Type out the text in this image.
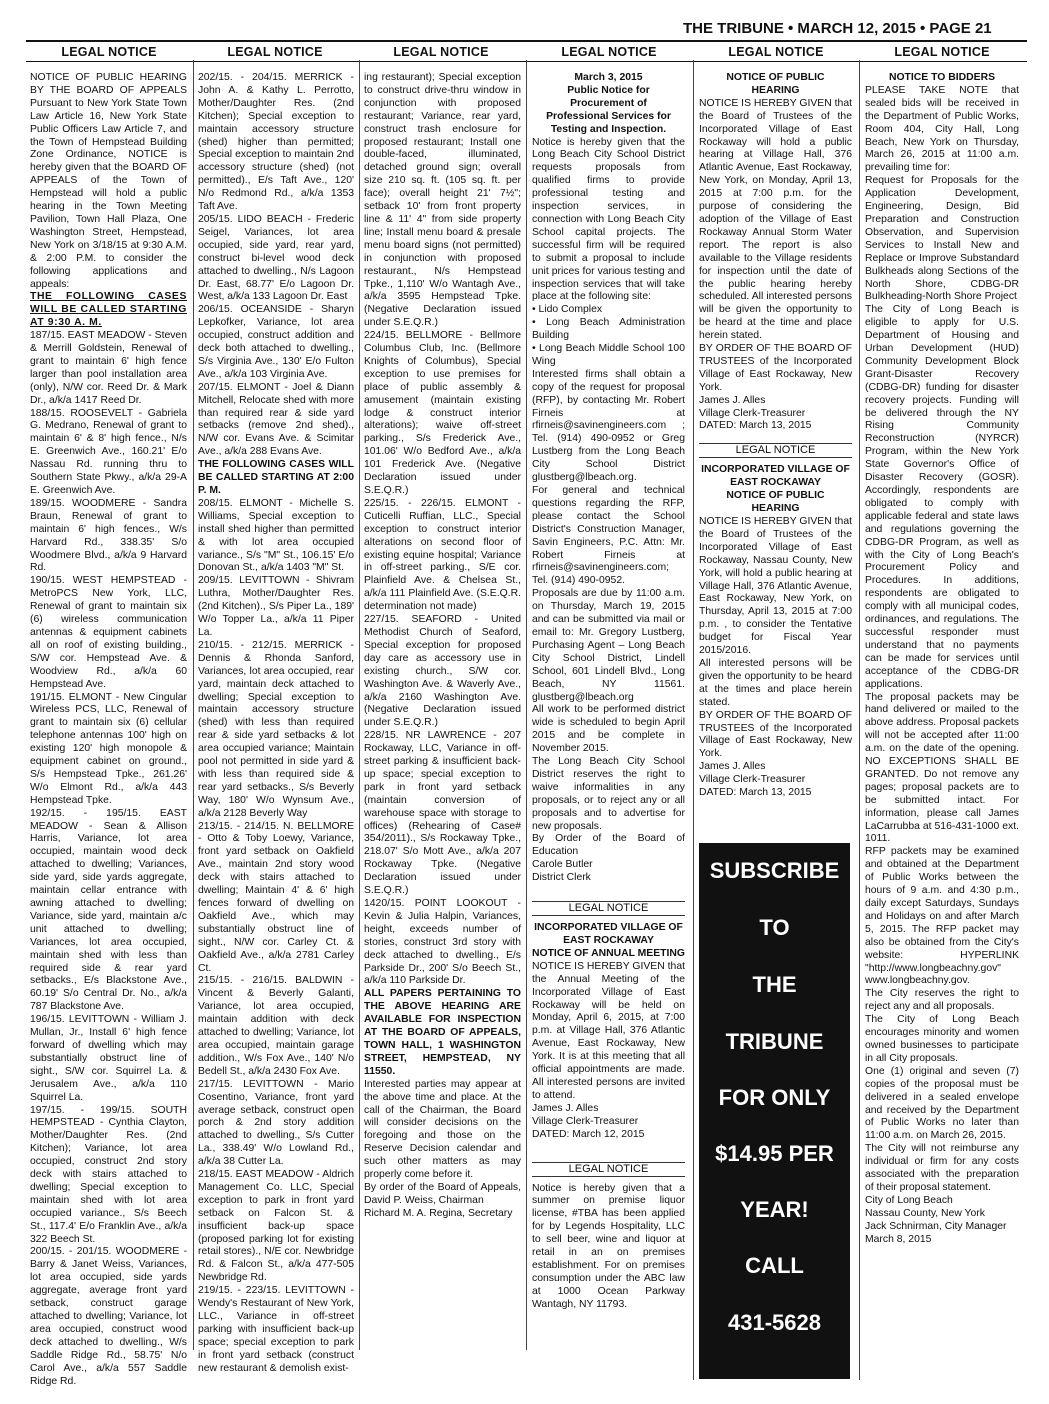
THE TRIBUNE • MARCH 12, 2015 • PAGE 21
LEGAL NOTICE	LEGAL NOTICE	LEGAL NOTICE	LEGAL NOTICE	LEGAL NOTICE	LEGAL NOTICE

NOTICE OF PUBLIC HEARING BY THE BOARD OF APPEALS Pursuant to New York State Town Law Article 16, New York State Public Officers Law Article 7, and the Town of Hempstead Building Zone Ordinance, NOTICE is hereby given that the BOARD OF APPEALS of the Town of Hempstead will hold a public hearing in the Town Meeting Pavilion, Town Hall Plaza, One Washington Street, Hempstead, New York on 3/18/15 at 9:30 A.M. & 2:00 P.M. to consider the following applications and appeals:

THE FOLLOWING CASES WILL BE CALLED STARTING AT 9:30 A. M.

187/15. EAST MEADOW - Steven & Merrill Goldstein, Renewal of grant to maintain 6' high fence larger than pool installation area (only), N/W cor. Reed Dr. & Mark Dr., a/k/a 1417 Reed Dr.

188/15. ROOSEVELT - Gabriela G. Medrano, Renewal of grant to maintain 6' & 8' high fence., N/s E. Greenwich Ave., 160.21' E/o Nassau Rd. running thru to Southern State Pkwy., a/k/a 29-A E. Greenwich Ave.

189/15. WOODMERE - Sandra Braun, Renewal of grant to maintain 6' high fences., W/s Harvard Rd., 338.35' S/o Woodmere Blvd., a/k/a 9 Harvard Rd.

190/15. WEST HEMPSTEAD - MetroPCS New York, LLC, Renewal of grant to maintain six (6) wireless communication antennas & equipment cabinets all on roof of existing building., S/W cor. Hempstead Ave. & Woodview Rd., a/k/a 60 Hempstead Ave.

191/15. ELMONT - New Cingular Wireless PCS, LLC, Renewal of grant to maintain six (6) cellular telephone antennas 100' high on existing 120' high monopole & equipment cabinet on ground., S/s Hempstead Tpke., 261.26' W/o Elmont Rd., a/k/a 443 Hempstead Tpke.

192/15. - 195/15. EAST MEADOW - Sean & Allison Harris, Variance, lot area occupied, maintain wood deck attached to dwelling; Variances, side yard, side yards aggregate, maintain cellar entrance with awning attached to dwelling; Variance, side yard, maintain a/c unit attached to dwelling; Variances, lot area occupied, maintain shed with less than required side & rear yard setbacks., E/s Blackstone Ave., 60.19' S/o Central Dr. No., a/k/a 787 Blackstone Ave.

196/15. LEVITTOWN - William J. Mullan, Jr., Install 6' high fence forward of dwelling which may substantially obstruct line of sight., S/W cor. Squirrel La. & Jerusalem Ave., a/k/a 110 Squirrel La.

197/15. - 199/15. SOUTH HEMPSTEAD - Cynthia Clayton, Mother/Daughter Res. (2nd Kitchen); Variance, lot area occupied, construct 2nd story deck with stairs attached to dwelling; Special exception to maintain shed with lot area occupied variance., S/s Beech St., 117.4' E/o Franklin Ave., a/k/a 322 Beech St.

200/15. - 201/15. WOODMERE - Barry & Janet Weiss, Variances, lot area occupied, side yards aggregate, average front yard setback, construct garage attached to dwelling; Variance, lot area occupied, construct wood deck attached to dwelling., W/s Saddle Ridge Rd., 58.75' N/o Carol Ave., a/k/a 557 Saddle Ridge Rd.

202/15. - 204/15. MERRICK - John A. & Kathy L. Perrotto, Mother/Daughter Res. (2nd Kitchen); Special exception to maintain accessory structure (shed) higher than permitted; Special exception to maintain 2nd accessory structure (shed) (not permitted)., E/s Taft Ave., 120' N/o Redmond Rd., a/k/a 1353 Taft Ave.

205/15. LIDO BEACH - Frederic Seigel, Variances, lot area occupied, side yard, rear yard, construct bi-level wood deck attached to dwelling., N/s Lagoon Dr. East, 68.77' E/o Lagoon Dr. West, a/k/a 133 Lagoon Dr. East

206/15. OCEANSIDE - Sharyn Lepkofker, Variance, lot area occupied, construct addition and deck both attached to dwelling., S/s Virginia Ave., 130' E/o Fulton Ave., a/k/a 103 Virginia Ave.

207/15. ELMONT - Joel & Diann Mitchell, Relocate shed with more than required rear & side yard setbacks (remove 2nd shed)., N/W cor. Evans Ave. & Scimitar Ave., a/k/a 288 Evans Ave.

THE FOLLOWING CASES WILL BE CALLED STARTING AT 2:00 P. M.

208/15. ELMONT - Michelle S. Williams, Special exception to install shed higher than permitted & with lot area occupied variance., S/s "M" St., 106.15' E/o Donovan St., a/k/a 1403 "M" St.

209/15. LEVITTOWN - Shivram Luthra, Mother/Daughter Res. (2nd Kitchen)., S/s Piper La., 189' W/o Topper La., a/k/a 11 Piper La.

210/15. - 212/15. MERRICK - Dennis & Rhonda Sanford, Variances, lot area occupied, rear yard, maintain deck attached to dwelling; Special exception to maintain accessory structure (shed) with less than required rear & side yard setbacks & lot area occupied variance; Maintain pool not permitted in side yard & with less than required side & rear yard setbacks., S/s Beverly Way, 180' W/o Wynsum Ave., a/k/a 2128 Beverly Way

213/15. - 214/15. N. BELLMORE - Otto & Toby Loewy, Variance, front yard setback on Oakfield Ave., maintain 2nd story wood deck with stairs attached to dwelling; Maintain 4' & 6' high fences forward of dwelling on Oakfield Ave., which may substantially obstruct line of sight., N/W cor. Carley Ct. & Oakfield Ave., a/k/a 2781 Carley Ct.

215/15. - 216/15. BALDWIN - Vincent & Beverly Galanti, Variance, lot area occupied, maintain addition with deck attached to dwelling; Variance, lot area occupied, maintain garage addition., W/s Fox Ave., 140' N/o Bedell St., a/k/a 2430 Fox Ave.

217/15. LEVITTOWN - Mario Cosentino, Variance, front yard average setback, construct open porch & 2nd story addition attached to dwelling., S/s Cutter La., 338.49' W/o Lowland Rd., a/k/a 38 Cutter La.

218/15. EAST MEADOW - Aldrich Management Co. LLC, Special exception to park in front yard setback on Falcon St. & insufficient back-up space (proposed parking lot for existing retail stores)., N/E cor. Newbridge Rd. & Falcon St., a/k/a 477-505 Newbridge Rd.

219/15. - 223/15. LEVITTOWN - Wendy's Restaurant of New York, LLC., Variance in off-street parking with insufficient back-up space; special exception to park in front yard setback (construct new restaurant & demolish exist-

ing restaurant); Special exception to construct drive-thru window in conjunction with proposed restaurant; Variance, rear yard, construct trash enclosure for proposed restaurant; Install one double-faced, illuminated, detached ground sign; overall size 210 sq. ft. (105 sq. ft. per face); overall height 21' 7½"; setback 10' from front property line & 11' 4" from side property line; Install menu board & presale menu board signs (not permitted) in conjunction with proposed restaurant., N/s Hempstead Tpke., 1,110' W/o Wantagh Ave., a/k/a 3595 Hempstead Tpke. (Negative Declaration issued under S.E.Q.R.)

224/15. BELLMORE - Bellmore Columbus Club, Inc. (Bellmore Knights of Columbus), Special exception to use premises for place of public assembly & amusement (maintain existing lodge & construct interior alterations); waive off-street parking., S/s Frederick Ave., 101.06' W/o Bedford Ave., a/k/a 101 Frederick Ave. (Negative Declaration issued under S.E.Q.R.)

225/15. - 226/15. ELMONT - Cuticelli Ruffian, LLC., Special exception to construct interior alterations on second floor of existing equine hospital; Variance in off-street parking., S/E cor. Plainfield Ave. & Chelsea St., a/k/a 111 Plainfield Ave. (S.E.Q.R. determination not made)

227/15. SEAFORD - United Methodist Church of Seaford, Special exception for proposed day care as accessory use in existing church., S/W cor. Washington Ave. & Waverly Ave., a/k/a 2160 Washington Ave. (Negative Declaration issued under S.E.Q.R.)

228/15. NR LAWRENCE - 207 Rockaway, LLC, Variance in off-street parking & insufficient back-up space; special exception to park in front yard setback (maintain conversion of warehouse space with storage to offices) (Rehearing of Case# 354/2011)., S/s Rockaway Tpke., 218.07' S/o Mott Ave., a/k/a 207 Rockaway Tpke. (Negative Declaration issued under S.E.Q.R.)

1420/15. POINT LOOKOUT - Kevin & Julia Halpin, Variances, height, exceeds number of stories, construct 3rd story with deck attached to dwelling., E/s Parkside Dr., 200' S/o Beech St., a/k/a 110 Parkside Dr.

ALL PAPERS PERTAINING TO THE ABOVE HEARING ARE AVAILABLE FOR INSPECTION AT THE BOARD OF APPEALS, TOWN HALL, 1 WASHINGTON STREET, HEMPSTEAD, NY 11550.

Interested parties may appear at the above time and place. At the call of the Chairman, the Board will consider decisions on the foregoing and those on the Reserve Decision calendar and such other matters as may properly come before it.

By order of the Board of Appeals, David P. Weiss, Chairman

Richard M. A. Regina, Secretary

March 3, 2015

Public Notice for Procurement of Professional Services for Testing and Inspection.

Notice is hereby given that the Long Beach City School District requests proposals from qualified firms to provide professional testing and inspection services, in connection with Long Beach City School capital projects. The successful firm will be required to submit a proposal to include unit prices for various testing and inspection services that will take place at the following site:

• Lido Complex

• Long Beach Administration Building

• Long Beach Middle School 100 Wing

Interested firms shall obtain a copy of the request for proposal (RFP), by contacting Mr. Robert Firneis at rfirneis@savinengineers.com ; Tel. (914) 490-0952 or Greg Lustberg from the Long Beach City School District glustberg@lbeach.org.

For general and technical questions regarding the RFP, please contact the School District's Construction Manager, Savin Engineers, P.C. Attn: Mr. Robert Firneis at rfirneis@savinengineers.com; Tel. (914) 490-0952.

Proposals are due by 11:00 a.m. on Thursday, March 19, 2015 and can be submitted via mail or email to: Mr. Gregory Lustberg, Purchasing Agent – Long Beach City School District, Lindell School, 601 Lindell Blvd., Long Beach, NY 11561. glustberg@lbeach.org

All work to be performed district wide is scheduled to begin April 2015 and be complete in November 2015.

The Long Beach City School District reserves the right to waive informalities in any proposals, or to reject any or all proposals and to advertise for new proposals.

By Order of the Board of Education

Carole Butler

District Clerk

LEGAL NOTICE

INCORPORATED VILLAGE OF EAST ROCKAWAY

NOTICE OF ANNUAL MEETING

NOTICE IS HEREBY GIVEN that the Annual Meeting of the Incorporated Village of East Rockaway will be held on Monday, April 6, 2015, at 7:00 p.m. at Village Hall, 376 Atlantic Avenue, East Rockaway, New York. It is at this meeting that all official appointments are made. All interested persons are invited to attend.

James J. Alles

Village Clerk-Treasurer

DATED: March 12, 2015

LEGAL NOTICE

Notice is hereby given that a summer on premise liquor license, #TBA has been applied for by Legends Hospitality, LLC to sell beer, wine and liquor at retail in an on premises establishment. For on premises consumption under the ABC law at 1000 Ocean Parkway Wantagh, NY 11793.

NOTICE OF PUBLIC HEARING

NOTICE IS HEREBY GIVEN that the Board of Trustees of the Incorporated Village of East Rockaway will hold a public hearing at Village Hall, 376 Atlantic Avenue, East Rockaway, New York, on Monday, April 13, 2015 at 7:00 p.m. for the purpose of considering the adoption of the Village of East Rockaway Annual Storm Water report. The report is also available to the Village residents for inspection until the date of the public hearing hereby scheduled. All interested persons will be given the opportunity to be heard at the time and place herein stated.

BY ORDER OF THE BOARD OF TRUSTEES of the Incorporated Village of East Rockaway, New York.

James J. Alles

Village Clerk-Treasurer

DATED: March 13, 2015

LEGAL NOTICE

INCORPORATED VILLAGE OF EAST ROCKAWAY

NOTICE OF PUBLIC HEARING

NOTICE IS HEREBY GIVEN that the Board of Trustees of the Incorporated Village of East Rockaway, Nassau County, New York, will hold a public hearing at Village Hall, 376 Atlantic Avenue, East Rockaway, New York, on Thursday, April 13, 2015 at 7:00 p.m. , to consider the Tentative budget for Fiscal Year 2015/2016.

All interested persons will be given the opportunity to be heard at the times and place herein stated.

BY ORDER OF THE BOARD OF TRUSTEES of the Incorporated Village of East Rockaway, New York.

James J. Alles

Village Clerk-Treasurer

DATED: March 13, 2015

SUBSCRIBE
TO
THE
TRIBUNE
FOR ONLY
$14.95 PER
YEAR!
CALL
431-5628

NOTICE TO BIDDERS

PLEASE TAKE NOTE that sealed bids will be received in the Department of Public Works, Room 404, City Hall, Long Beach, New York on Thursday, March 26, 2015 at 11:00 a.m. prevailing time for:

Request for Proposals for the Application Development, Engineering, Design, Bid Preparation and Construction Observation, and Supervision Services to Install New and Replace or Improve Substandard Bulkheads along Sections of the North Shore, CDBG-DR Bulkheading-North Shore Project

The City of Long Beach is eligible to apply for U.S. Department of Housing and Urban Development (HUD) Community Development Block Grant-Disaster Recovery (CDBG-DR) funding for disaster recovery projects. Funding will be delivered through the NY Rising Community Reconstruction (NYRCR) Program, within the New York State Governor's Office of Disaster Recovery (GOSR). Accordingly, respondents are obligated to comply with applicable federal and state laws and regulations governing the CDBG-DR Program, as well as with the City of Long Beach's Procurement Policy and Procedures. In additions, respondents are obligated to comply with all municipal codes, ordinances, and regulations. The successful responder must understand that no payments can be made for services until acceptance of the CDBG-DR applications.

The proposal packets may be hand delivered or mailed to the above address. Proposal packets will not be accepted after 11:00 a.m. on the date of the opening. NO EXCEPTIONS SHALL BE GRANTED. Do not remove any pages; proposal packets are to be submitted intact. For information, please call James LaCarrubba at 516-431-1000 ext. 1011.

RFP packets may be examined and obtained at the Department of Public Works between the hours of 9 a.m. and 4:30 p.m., daily except Saturdays, Sundays and Holidays on and after March 5, 2015. The RFP packet may also be obtained from the City's website: HYPERLINK "http://www.longbeachny.gov" www.longbeachny.gov.

The City reserves the right to reject any and all proposals.

The City of Long Beach encourages minority and women owned businesses to participate in all City proposals.

One (1) original and seven (7) copies of the proposal must be delivered in a sealed envelope and received by the Department of Public Works no later than 11:00 a.m. on March 26, 2015.

The City will not reimburse any individual or firm for any costs associated with the preparation of their proposal statement.

City of Long Beach

Nassau County, New York

Jack Schnirman, City Manager

March 8, 2015
